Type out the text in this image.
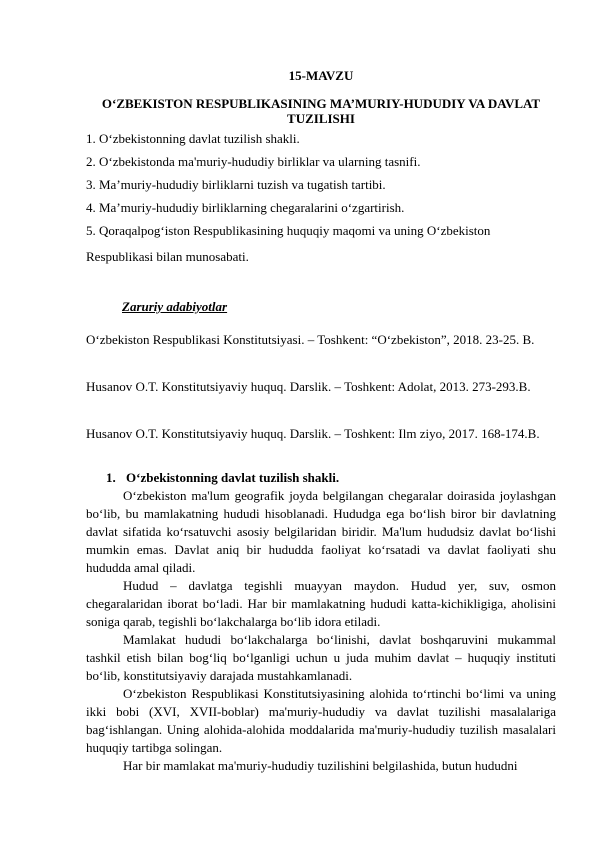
15-MAVZU
O‘ZBEKISTON RESPUBLIKASINING MA’MURIY-HUDUDIY VA DAVLAT TUZILISHI
1. O‘zbekistonning davlat tuzilish shakli.
2. O‘zbekistonda ma'muriy-hududiy birliklar va ularning tasnifi.
3. Ma’muriy-hududiy birliklarni tuzish va tugatish tartibi.
4. Ma’muriy-hududiy birliklarning chegaralarini o‘zgartirish.
5. Qoraqalpog‘iston Respublikasining huquqiy maqomi va uning O‘zbekiston
Respublikasi bilan munosabati.
Zaruriy adabiyotlar
O‘zbekiston Respublikasi Konstitutsiyasi. – Toshkent: “O‘zbekiston”, 2018. 23-25. B.
Husanov O.T. Konstitutsiyaviy huquq. Darslik. – Toshkent: Adolat, 2013. 273-293.B.
Husanov O.T. Konstitutsiyaviy huquq. Darslik. – Toshkent: Ilm ziyo, 2017. 168-174.B.
1. O‘zbekistonning davlat tuzilish shakli.

O‘zbekiston ma'lum geografik joyda belgilangan chegaralar doirasida joylashgan bo‘lib, bu mamlakatning hududi hisoblanadi. Hududga ega bo‘lish biror bir davlatning davlat sifatida ko‘rsatuvchi asosiy belgilaridan biridir. Ma'lum hududsiz davlat bo‘lishi mumkin emas. Davlat aniq bir hududda faoliyat ko‘rsatadi va davlat faoliyati shu hududda amal qiladi.

Hudud – davlatga tegishli muayyan maydon. Hudud yer, suv, osmon chegaralaridan iborat bo‘ladi. Har bir mamlakatning hududi katta-kichikligiga, aholisini soniga qarab, tegishli bo‘lakchalarga bo‘lib idora etiladi.

Mamlakat hududi bo‘lakchalarga bo‘linishi, davlat boshqaruvini mukammal tashkil etish bilan bog‘liq bo‘lganligi uchun u juda muhim davlat – huquqiy instituti bo‘lib, konstitutsiyaviy darajada mustahkamlanadi.

O‘zbekiston Respublikasi Konstitutsiyasining alohida to‘rtinchi bo‘limi va uning ikki bobi (XVI, XVII-boblar) ma'muriy-hududiy va davlat tuzilishi masalalariga bag‘ishlangan. Uning alohida-alohida moddalarida ma'muriy-hududiy tuzilish masalalari huquqiy tartibga solingan.

Har bir mamlakat ma'muriy-hududiy tuzilishini belgilashida, butun hududni
